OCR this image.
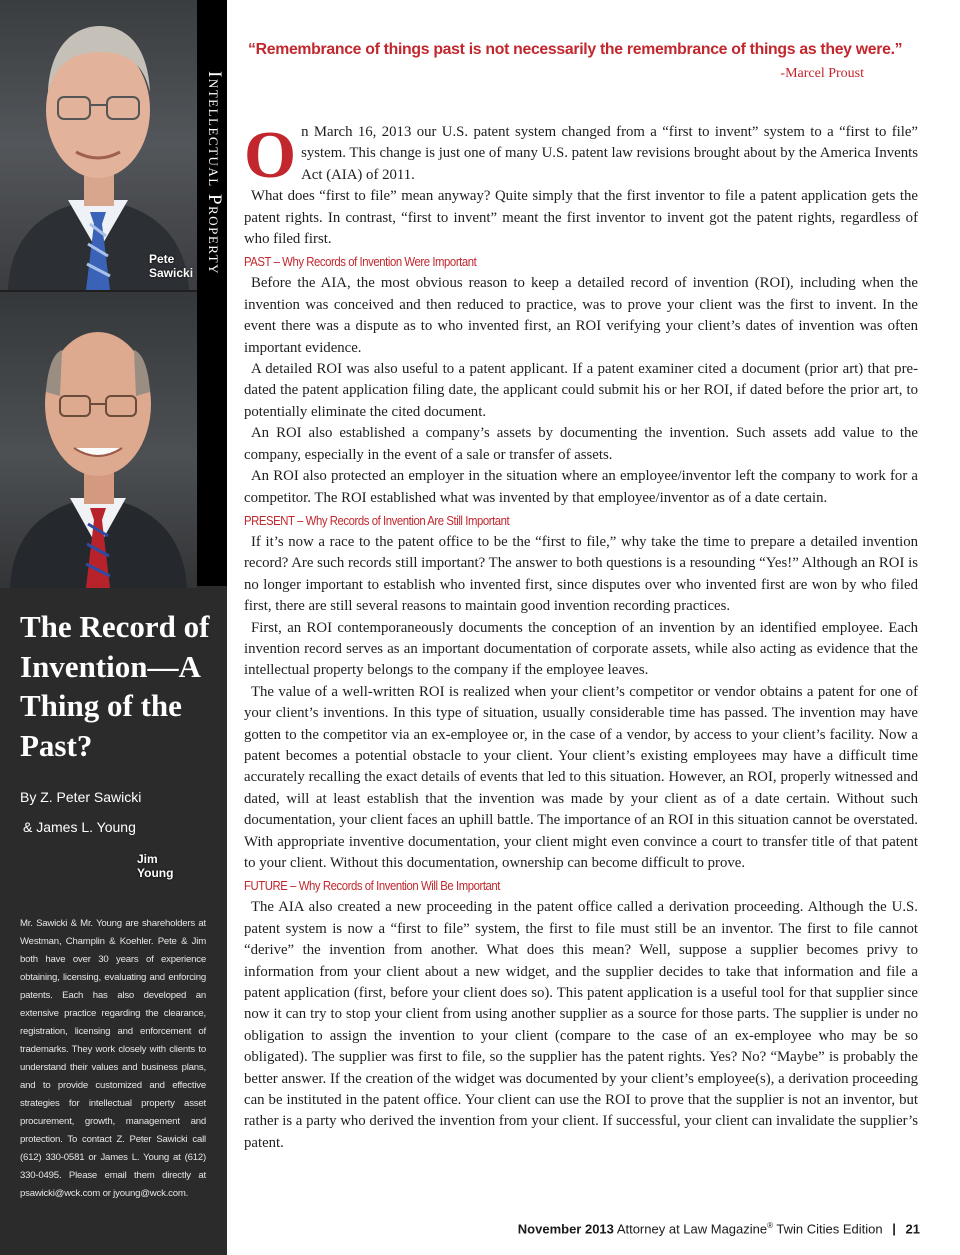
Pete Sawicki
Jim Young
Intellectual Property
The Record of Invention—A Thing of the Past?
By Z. Peter Sawicki
& James L. Young
Mr. Sawicki & Mr. Young are shareholders at Westman, Champlin & Koehler. Pete & Jim both have over 30 years of experience obtaining, licensing, evaluating and enforcing patents. Each has also developed an extensive practice regarding the clearance, registration, licensing and enforcement of trademarks. They work closely with clients to understand their values and business plans, and to provide customized and effective strategies for intellectual property asset procurement, growth, management and protection. To contact Z. Peter Sawicki call (612) 330-0581 or James L. Young at (612) 330-0495. Please email them directly at psawicki@wck.com or jyoung@wck.com.
“Remembrance of things past is not necessarily the remembrance of things as they were.”
-Marcel Proust
O n March 16, 2013 our U.S. patent system changed from a “first to invent” system to a “first to file” system. This change is just one of many U.S. patent law revisions brought about by the America Invents Act (AIA) of 2011.

What does “first to file” mean anyway? Quite simply that the first inventor to file a patent application gets the patent rights. In contrast, “first to invent” meant the first inventor to invent got the patent rights, regardless of who filed first.

PAST – Why Records of Invention Were Important

Before the AIA, the most obvious reason to keep a detailed record of invention (ROI), including when the invention was conceived and then reduced to practice, was to prove your client was the first to invent. In the event there was a dispute as to who invented first, an ROI verifying your client’s dates of invention was often important evidence.

A detailed ROI was also useful to a patent applicant. If a patent examiner cited a document (prior art) that pre-dated the patent application filing date, the applicant could submit his or her ROI, if dated before the prior art, to potentially eliminate the cited document.

An ROI also established a company’s assets by documenting the invention. Such assets add value to the company, especially in the event of a sale or transfer of assets.

An ROI also protected an employer in the situation where an employee/inventor left the company to work for a competitor. The ROI established what was invented by that employee/inventor as of a date certain.

PRESENT – Why Records of Invention Are Still Important

If it’s now a race to the patent office to be the “first to file,” why take the time to prepare a detailed invention record? Are such records still important? The answer to both questions is a resounding “Yes!” Although an ROI is no longer important to establish who invented first, since disputes over who invented first are won by who filed first, there are still several reasons to maintain good invention recording practices.

First, an ROI contemporaneously documents the conception of an invention by an identified employee. Each invention record serves as an important documentation of corporate assets, while also acting as evidence that the intellectual property belongs to the company if the employee leaves.

The value of a well-written ROI is realized when your client’s competitor or vendor obtains a patent for one of your client’s inventions. In this type of situation, usually considerable time has passed. The invention may have gotten to the competitor via an ex-employee or, in the case of a vendor, by access to your client’s facility. Now a patent becomes a potential obstacle to your client. Your client’s existing employees may have a difficult time accurately recalling the exact details of events that led to this situation. However, an ROI, properly witnessed and dated, will at least establish that the invention was made by your client as of a date certain. Without such documentation, your client faces an uphill battle. The importance of an ROI in this situation cannot be overstated. With appropriate inventive documentation, your client might even convince a court to transfer title of that patent to your client. Without this documentation, ownership can become difficult to prove.

FUTURE – Why Records of Invention Will Be Important

The AIA also created a new proceeding in the patent office called a derivation proceeding. Although the U.S. patent system is now a “first to file” system, the first to file must still be an inventor. The first to file cannot “derive” the invention from another. What does this mean? Well, suppose a supplier becomes privy to information from your client about a new widget, and the supplier decides to take that information and file a patent application (first, before your client does so). This patent application is a useful tool for that supplier since now it can try to stop your client from using another supplier as a source for those parts. The supplier is under no obligation to assign the invention to your client (compare to the case of an ex-employee who may be so obligated). The supplier was first to file, so the supplier has the patent rights. Yes? No? “Maybe” is probably the better answer. If the creation of the widget was documented by your client’s employee(s), a derivation proceeding can be instituted in the patent office. Your client can use the ROI to prove that the supplier is not an inventor, but rather is a party who derived the invention from your client. If successful, your client can invalidate the supplier’s patent.

November 2013 Attorney at Law Magazine® Twin Cities Edition | 21
